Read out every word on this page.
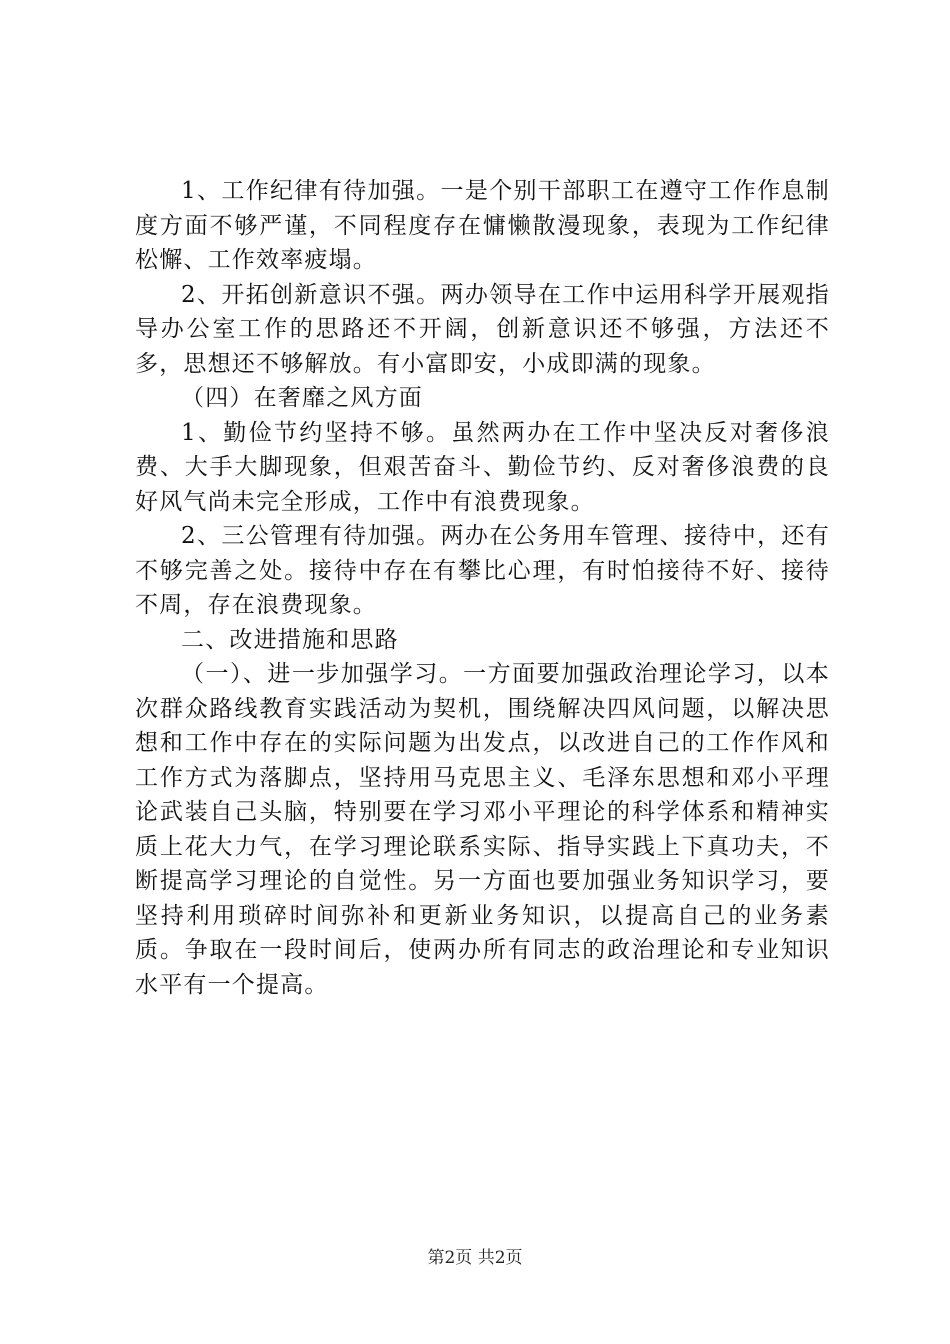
1、工作纪律有待加强。一是个别干部职工在遵守工作作息制度方面不够严谨，不同程度存在慵懒散漫现象，表现为工作纪律松懈、工作效率疲塌。

2、开拓创新意识不强。两办领导在工作中运用科学开展观指导办公室工作的思路还不开阔，创新意识还不够强，方法还不多，思想还不够解放。有小富即安，小成即满的现象。

（四）在奢靡之风方面

1、勤俭节约坚持不够。虽然两办在工作中坚决反对奢侈浪费、大手大脚现象，但艰苦奋斗、勤俭节约、反对奢侈浪费的良好风气尚未完全形成，工作中有浪费现象。

2、三公管理有待加强。两办在公务用车管理、接待中，还有不够完善之处。接待中存在有攀比心理，有时怕接待不好、接待不周，存在浪费现象。

二、改进措施和思路

（一）、进一步加强学习。一方面要加强政治理论学习，以本次群众路线教育实践活动为契机，围绕解决四风问题，以解决思想和工作中存在的实际问题为出发点，以改进自己的工作作风和工作方式为落脚点，坚持用马克思主义、毛泽东思想和邓小平理论武装自己头脑，特别要在学习邓小平理论的科学体系和精神实质上花大力气，在学习理论联系实际、指导实践上下真功夫，不断提高学习理论的自觉性。另一方面也要加强业务知识学习，要坚持利用琐碎时间弥补和更新业务知识，以提高自己的业务素质。争取在一段时间后，使两办所有同志的政治理论和专业知识水平有一个提高。

第2页 共2页
